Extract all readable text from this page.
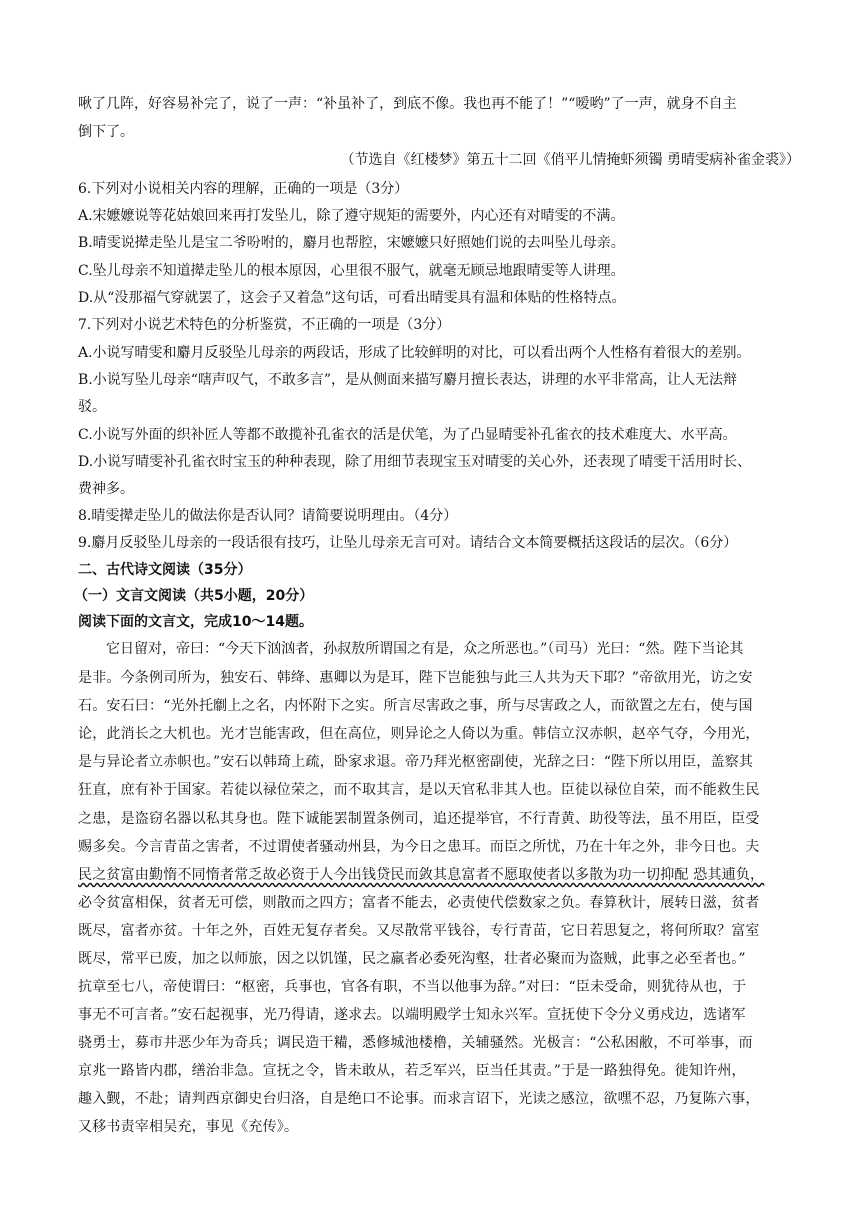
啾了几阵，好容易补完了，说了一声：“补虽补了，到底不像。我也再不能了！”“嗳哟”了一声，就身不自主
倒下了。
（节选自《红楼梦》第五十二回《俏平儿情掩虾须镯 勇晴雯病补雀金裘》）
6.下列对小说相关内容的理解，正确的一项是（3分）
A.宋嬷嬷说等花姑娘回来再打发坠儿，除了遵守规矩的需要外，内心还有对晴雯的不满。
B.晴雯说撵走坠儿是宝二爷吩咐的，麝月也帮腔，宋嬷嬷只好照她们说的去叫坠儿母亲。
C.坠儿母亲不知道撵走坠儿的根本原因，心里很不服气，就毫无顾忌地跟晴雯等人讲理。
D.从“没那福气穿就罢了，这会子又着急”这句话，可看出晴雯具有温和体贴的性格特点。
7.下列对小说艺术特色的分析鉴赏，不正确的一项是（3分）
A.小说写晴雯和麝月反驳坠儿母亲的两段话，形成了比较鲜明的对比，可以看出两个人性格有着很大的差别。
B.小说写坠儿母亲“嗐声叹气，不敢多言”，是从侧面来描写麝月擅长表达，讲理的水平非常高，让人无法辩
驳。
C.小说写外面的织补匠人等都不敢揽补孔雀衣的活是伏笔，为了凸显晴雯补孔雀衣的技术难度大、水平高。
D.小说写晴雯补孔雀衣时宝玉的种种表现，除了用细节表现宝玉对晴雯的关心外，还表现了晴雯干活用时长、
费神多。
8.晴雯撵走坠儿的做法你是否认同？请简要说明理由。（4分）
9.麝月反驳坠儿母亲的一段话很有技巧，让坠儿母亲无言可对。请结合文本简要概括这段话的层次。（6分）
二、古代诗文阅读（35分）
（一）文言文阅读（共5小题，20分）
阅读下面的文言文，完成10～14题。
它日留对，帝曰：“今天下汹汹者，孙叔敖所谓国之有是，众之所恶也。”（司马）光曰：“然。陛下当论其
是非。今条例司所为，独安石、韩绛、惠卿以为是耳，陛下岂能独与此三人共为天下耶？”帝欲用光，访之安
石。安石曰：“光外托劘上之名，内怀附下之实。所言尽害政之事，所与尽害政之人，而欲置之左右，使与国
论，此消长之大机也。光才岂能害政，但在高位，则异论之人倚以为重。韩信立汉赤帜，赵卒气夺，今用光，
是与异论者立赤帜也。”安石以韩琦上疏，卧家求退。帝乃拜光枢密副使，光辞之曰：“陛下所以用臣，盖察其
狂直，庶有补于国家。若徒以禄位荣之，而不取其言，是以天官私非其人也。臣徒以禄位自荣，而不能救生民
之患，是盗窃名器以私其身也。陛下诚能罢制置条例司，追还提举官，不行青黄、助役等法，虽不用臣，臣受
赐多矣。今言青苗之害者，不过谓使者骚动州县，为今日之患耳。而臣之所忧，乃在十年之外，非今日也。夫
民之贫富由勤惰不同惰者常乏故必资于人今出钱贷民而敛其息富者不愿取使者以多散为功一切抑配 恐其逋负，
必令贫富相保，贫者无可偿，则散而之四方；富者不能去，必责使代偿数家之负。春算秋计，展转日滋，贫者
既尽，富者亦贫。十年之外，百姓无复存者矣。又尽散常平钱谷，专行青苗，它日若思复之，将何所取？富室
既尽，常平已废，加之以师旅，因之以饥馑，民之羸者必委死沟壑，壮者必聚而为盗贼，此事之必至者也。”
抗章至七八，帝使谓曰：“枢密，兵事也，官各有职，不当以他事为辞。”对曰：“臣未受命，则犹待从也，于
事无不可言者。”安石起视事，光乃得请，遂求去。以端明殿学士知永兴军。宣抚使下令分义勇戍边，选诸军
骁勇士，募市井恶少年为奇兵；调民造干糒，悉修城池楼橹，关辅骚然。光极言：“公私困敝，不可举事，而
京兆一路皆内郡，缮治非急。宣抚之令，皆未敢从，若乏军兴，臣当任其责。”于是一路独得免。徙知许州，
趣入觐，不赴；请判西京御史台归洛，自是绝口不论事。而求言诏下，光读之感泣，欲嘿不忍，乃复陈六事，
又移书责宰相吴充，事见《充传》。
